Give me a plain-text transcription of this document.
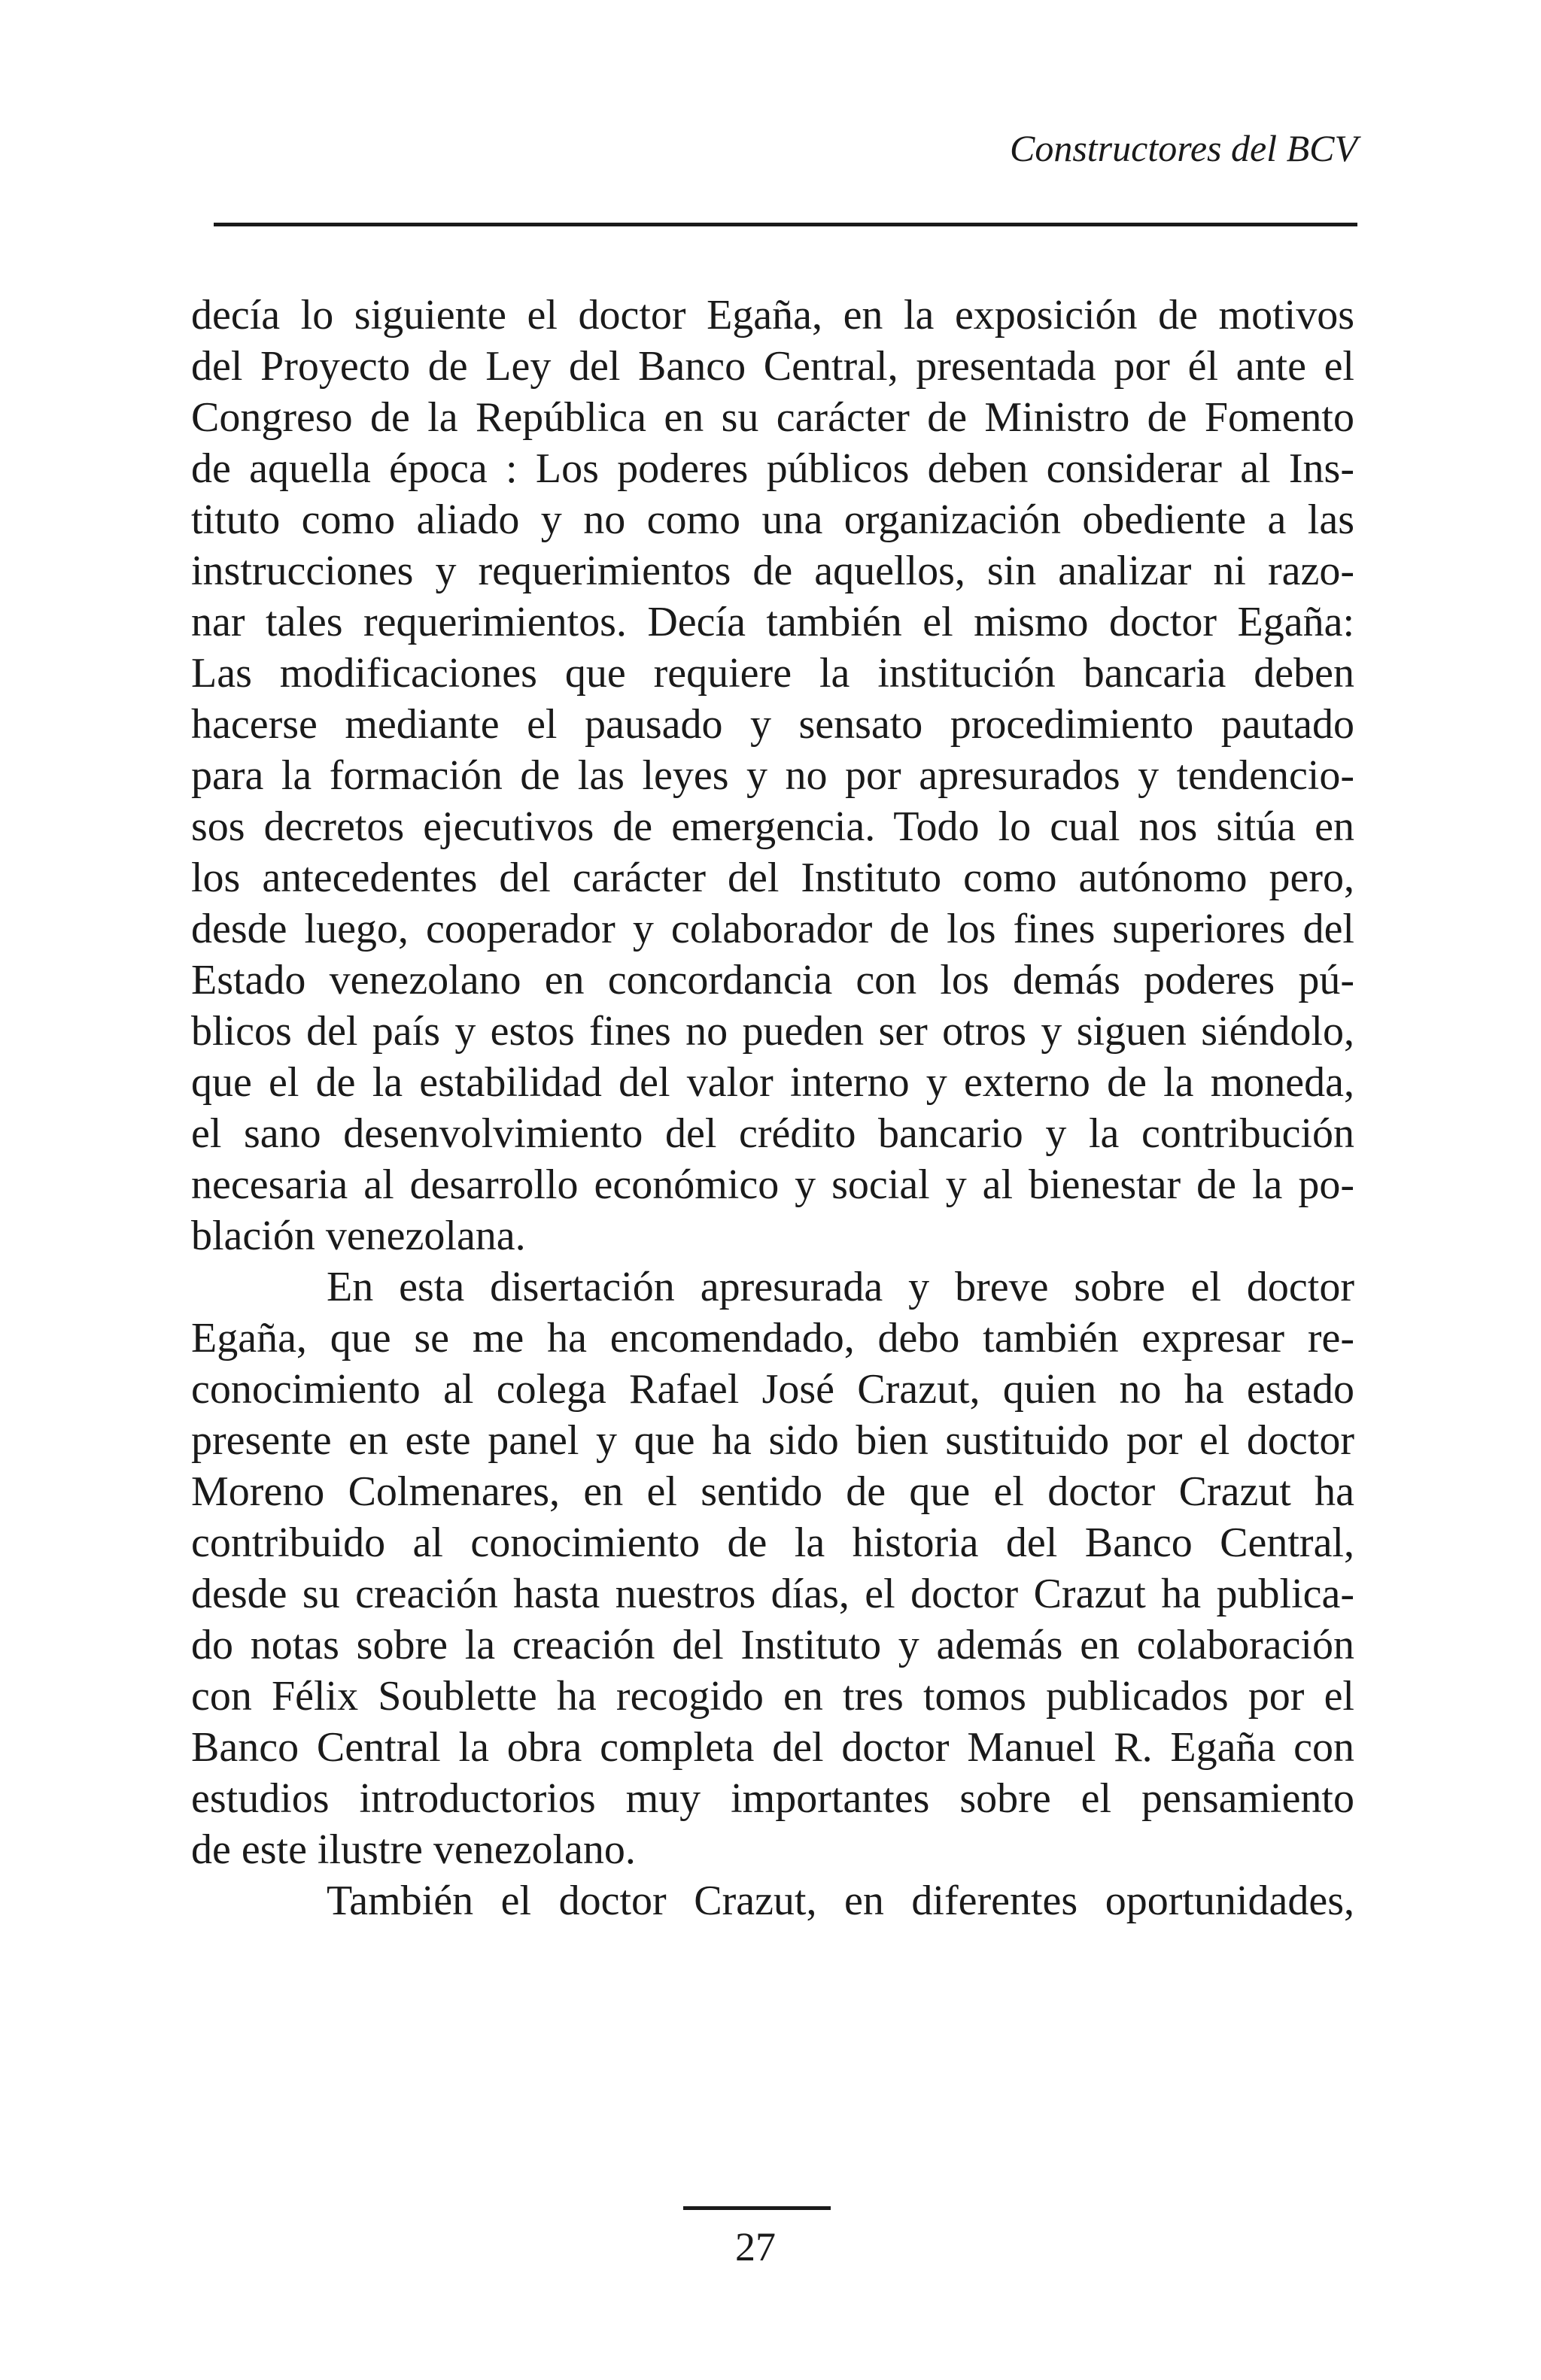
Constructores del BCV
decía lo siguiente el doctor Egaña, en la exposición de motivos
del Proyecto de Ley del Banco Central, presentada por él ante el
Congreso de la República en su carácter de Ministro de Fomento
de aquella época : Los poderes públicos deben considerar al Ins-
tituto como aliado y no como una organización obediente a las
instrucciones y requerimientos de aquellos, sin analizar ni razo-
nar tales requerimientos. Decía también el mismo doctor Egaña:
Las modificaciones que requiere la institución bancaria deben
hacerse mediante el pausado y sensato procedimiento pautado
para la formación de las leyes y no por apresurados y tendencio-
sos decretos ejecutivos de emergencia. Todo lo cual nos sitúa en
los antecedentes del carácter del Instituto como autónomo pero,
desde luego, cooperador y colaborador de los fines superiores del
Estado venezolano en concordancia con los demás poderes pú-
blicos del país y estos fines no pueden ser otros y siguen siéndolo,
que el de la estabilidad del valor interno y externo de la moneda,
el sano desenvolvimiento del crédito bancario y la contribución
necesaria al desarrollo económico y social y al bienestar de la po-
blación venezolana.
En esta disertación apresurada y breve sobre el doctor
Egaña, que se me ha encomendado, debo también expresar re-
conocimiento al colega Rafael José Crazut, quien no ha estado
presente en este panel y que ha sido bien sustituido por el doctor
Moreno Colmenares, en el sentido de que el doctor Crazut ha
contribuido al conocimiento de la historia del Banco Central,
desde su creación hasta nuestros días, el doctor Crazut ha publica-
do notas sobre la creación del Instituto y además en colaboración
con Félix Soublette ha recogido en tres tomos publicados por el
Banco Central la obra completa del doctor Manuel R. Egaña con
estudios introductorios muy importantes sobre el pensamiento
de este ilustre venezolano.
También el doctor Crazut, en diferentes oportunidades,
27
